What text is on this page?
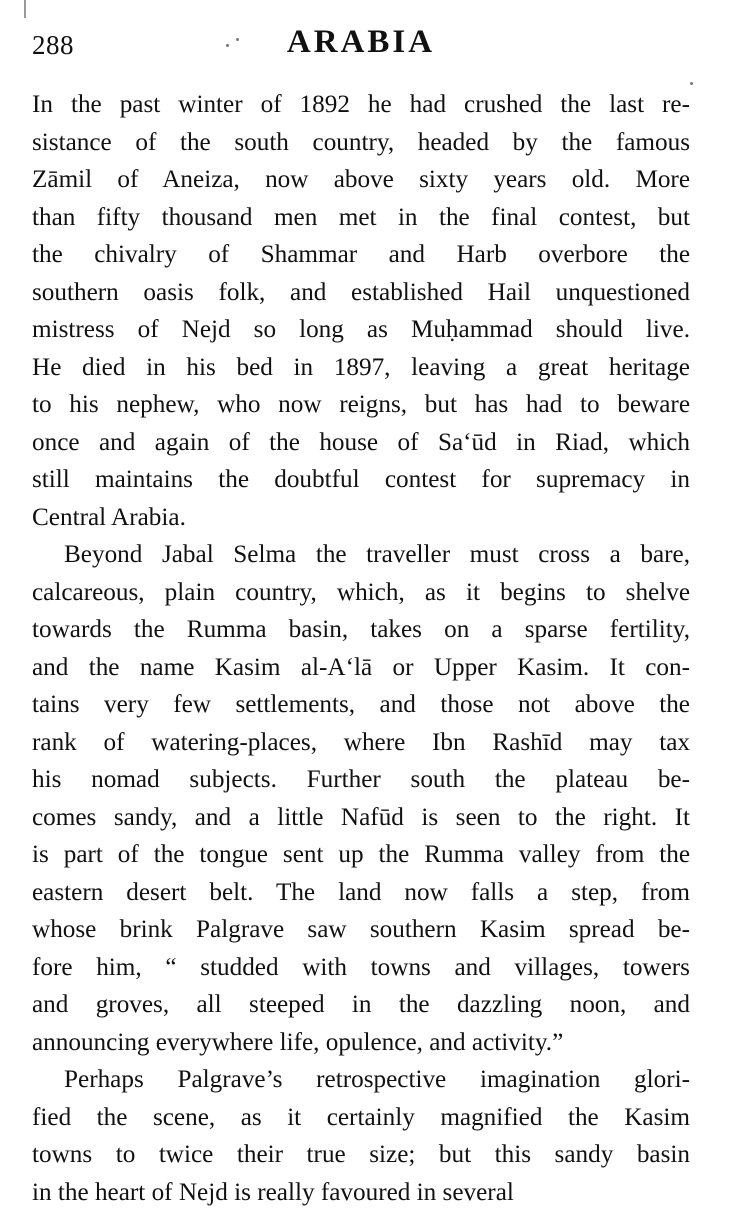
288	ARABIA
In the past winter of 1892 he had crushed the last re-
sistance of the south country, headed by the famous
Zāmil of Aneiza, now above sixty years old. More
than fifty thousand men met in the final contest, but
the chivalry of Shammar and Harb overbore the
southern oasis folk, and established Hail unquestioned
mistress of Nejd so long as Muḥammad should live.
He died in his bed in 1897, leaving a great heritage
to his nephew, who now reigns, but has had to beware
once and again of the house of Sa‘ūd in Riad, which
still maintains the doubtful contest for supremacy in
Central Arabia.
Beyond Jabal Selma the traveller must cross a bare,
calcareous, plain country, which, as it begins to shelve
towards the Rumma basin, takes on a sparse fertility,
and the name Kasim al-A‘lā or Upper Kasim. It con-
tains very few settlements, and those not above the
rank of watering-places, where Ibn Rashīd may tax
his nomad subjects. Further south the plateau be-
comes sandy, and a little Nafūd is seen to the right. It
is part of the tongue sent up the Rumma valley from the
eastern desert belt. The land now falls a step, from
whose brink Palgrave saw southern Kasim spread be-
fore him, “ studded with towns and villages, towers
and groves, all steeped in the dazzling noon, and
announcing everywhere life, opulence, and activity.”
Perhaps Palgrave’s retrospective imagination glori-
fied the scene, as it certainly magnified the Kasim
towns to twice their true size; but this sandy basin
in the heart of Nejd is really favoured in several
